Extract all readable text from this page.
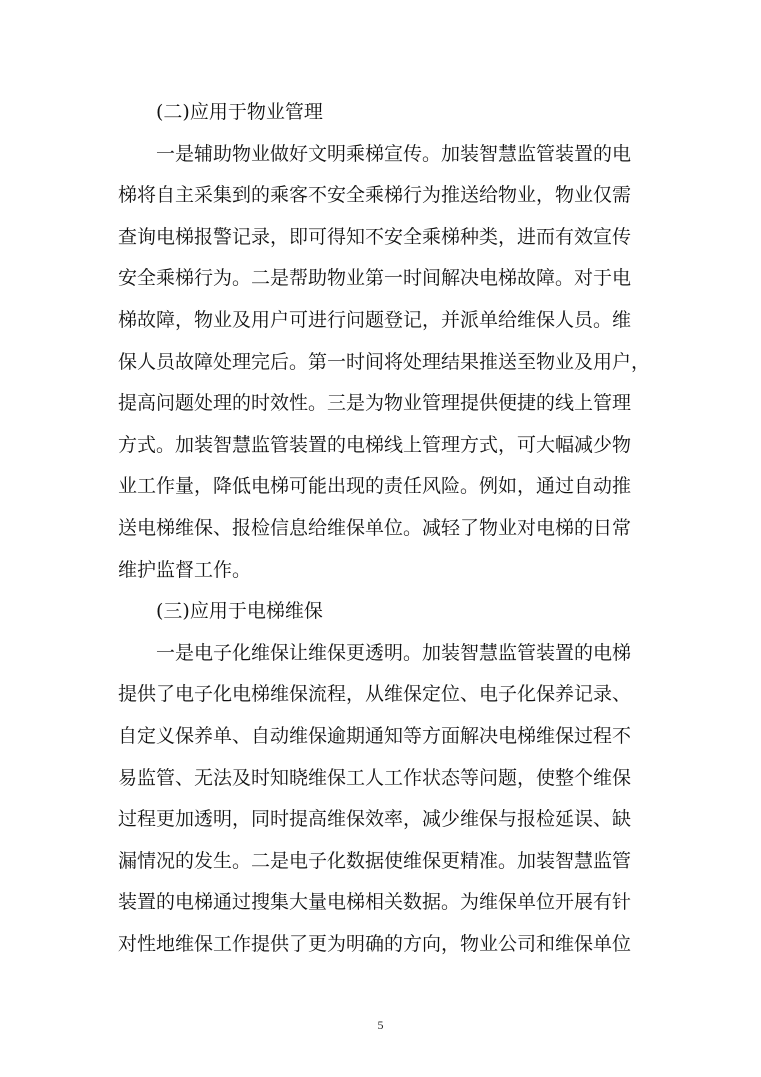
(二)应用于物业管理
一是辅助物业做好文明乘梯宣传。加装智慧监管装置的电
梯将自主采集到的乘客不安全乘梯行为推送给物业，物业仅需
查询电梯报警记录，即可得知不安全乘梯种类，进而有效宣传
安全乘梯行为。二是帮助物业第一时间解决电梯故障。对于电
梯故障，物业及用户可进行问题登记，并派单给维保人员。维
保人员故障处理完后。第一时间将处理结果推送至物业及用户，
提高问题处理的时效性。三是为物业管理提供便捷的线上管理
方式。加装智慧监管装置的电梯线上管理方式，可大幅减少物
业工作量，降低电梯可能出现的责任风险。例如，通过自动推
送电梯维保、报检信息给维保单位。减轻了物业对电梯的日常
维护监督工作。
(三)应用于电梯维保
一是电子化维保让维保更透明。加装智慧监管装置的电梯
提供了电子化电梯维保流程，从维保定位、电子化保养记录、
自定义保养单、自动维保逾期通知等方面解决电梯维保过程不
易监管、无法及时知晓维保工人工作状态等问题，使整个维保
过程更加透明，同时提高维保效率，减少维保与报检延误、缺
漏情况的发生。二是电子化数据使维保更精准。加装智慧监管
装置的电梯通过搜集大量电梯相关数据。为维保单位开展有针
对性地维保工作提供了更为明确的方向，物业公司和维保单位
5
